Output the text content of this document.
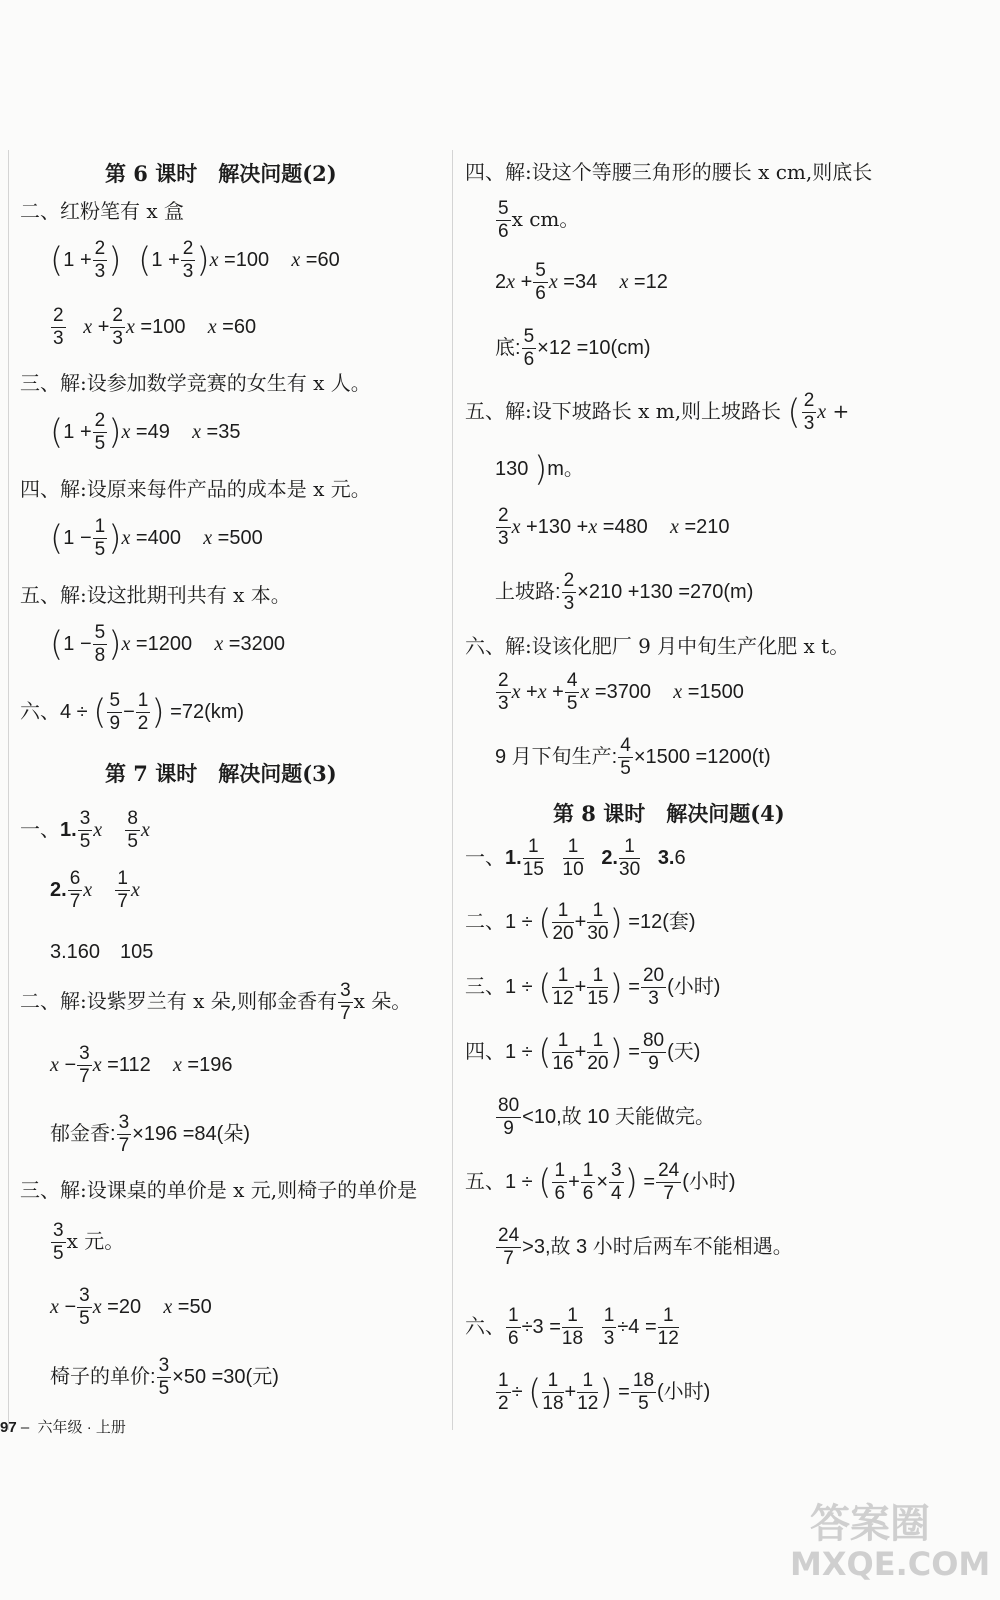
第 6 课时　解决问题(2)
二、红粉笔有 x 盒
($1 + \frac{2}{3}$ ) $(1 + \frac{2}{3} )x =100$    x =60
$\frac{2}{3}$ $x + \frac{2}{3}$ x =100    x =60
三、解:设参加数学竞赛的女生有 x 人。
$(1 + \frac{2}{5} )x =49$    x =35
四、解:设原来每件产品的成本是 x 元。
$(1 - \frac{1}{5} )x =400$    x =500
五、解:设这批期刊共有 x 本。
$(1 - \frac{5}{8} )x =1200$    x =3200
六、4 ÷ ( $\frac{5}{9} - \frac{1}{2}$ ) =72(km)
第 7 课时　解决问题(3)
一、1. $\frac{3}{5}$ x $\frac{8}{5}$ x
2. $\frac{6}{7}$ x $\frac{1}{7}$ x
3.160　105
二、解:设紫罗兰有 x 朵,则郁金香有 $\frac{3}{7}$ x 朵。
$x - \frac{3}{7}$ x =112    x =196
郁金香: $\frac{3}{7} \times 196 =84$(朵)
三、解:设课桌的单价是 x 元,则椅子的单价是
$\frac{3}{5}$ x 元。
$x - \frac{3}{5}$ x =20    x =50
椅子的单价: $\frac{3}{5} \times 50 =30$(元)
四、解:设这个等腰三角形的腰长 x cm,则底长
$\frac{5}{6}$ x cm。
$2x + \frac{5}{6}$ x =34    x =12
底: $\frac{5}{6} \times 12 =10(cm)$
五、解:设下坡路长 x m,则上坡路长 ( $\frac{2}{3}$ x +
130 )m。
$\frac{2}{3}$ x +130 +x =480    x =210
上坡路: $\frac{2}{3} \times 210 +130 =270(m)$
六、解:设该化肥厂 9 月中旬生产化肥 x t。
$\frac{2}{3}$ $x +x + \frac{4}{5}$ x =3700    x =1500
9 月下旬生产: $\frac{4}{5} \times 1500 =1200(t)$
第 8 课时　解决问题(4)
一、1. $\frac{1}{15}$
$\frac{1}{10} 2$. $\frac{1}{30} 3.6$
二、1 ÷ ( $\frac{1}{20} + \frac{1}{30}$ ) =12(套)
三、1 ÷ ( $\frac{1}{12} + \frac{1}{15}$ ) = $\frac{20}{3}$ (小时)
四、1 ÷ ( $\frac{1}{16} + \frac{1}{20}$ ) = $\frac{80}{9}$ (天)
$\frac{80}{9} <10$,故 10 天能做完。
五、1 ÷ ( $\frac{1}{6} + \frac{1}{6} \times \frac{3}{4}$ ) = $\frac{24}{7}$ (小时)
$\frac{24}{7} >3$,故 3 小时后两车不能相遇。
六、 $\frac{1}{6} \div 3 = \frac{1}{18}$
$\frac{1}{3} \div 4 = \frac{1}{12}$
$\frac{1}{2}$ ÷ ( $\frac{1}{18} + \frac{1}{12}$ ) = $\frac{18}{5}$ (小时)
97 –  六年级 · 上册
答案圈
MXQE.COM
